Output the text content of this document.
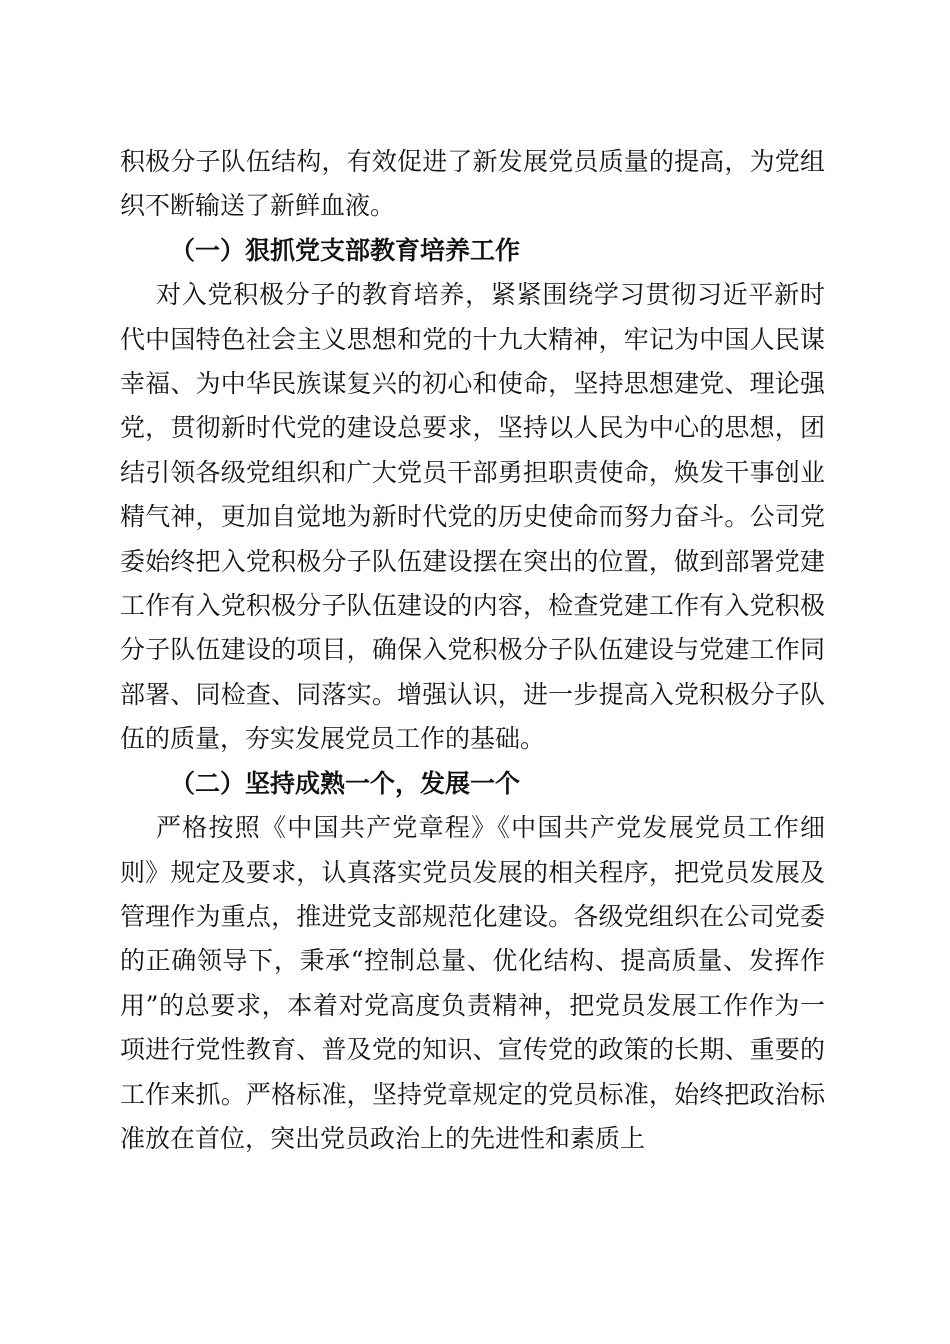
积极分子队伍结构，有效促进了新发展党员质量的提高，为党组织不断输送了新鲜血液。

（一）狠抓党支部教育培养工作

对入党积极分子的教育培养，紧紧围绕学习贯彻习近平新时代中国特色社会主义思想和党的十九大精神，牢记为中国人民谋幸福、为中华民族谋复兴的初心和使命，坚持思想建党、理论强党，贯彻新时代党的建设总要求，坚持以人民为中心的思想，团结引领各级党组织和广大党员干部勇担职责使命，焕发干事创业精气神，更加自觉地为新时代党的历史使命而努力奋斗。公司党委始终把入党积极分子队伍建设摆在突出的位置，做到部署党建工作有入党积极分子队伍建设的内容，检查党建工作有入党积极分子队伍建设的项目，确保入党积极分子队伍建设与党建工作同部署、同检查、同落实。增强认识，进一步提高入党积极分子队伍的质量，夯实发展党员工作的基础。

（二）坚持成熟一个，发展一个

严格按照《中国共产党章程》《中国共产党发展党员工作细则》规定及要求，认真落实党员发展的相关程序，把党员发展及管理作为重点，推进党支部规范化建设。各级党组织在公司党委的正确领导下，秉承“控制总量、优化结构、提高质量、发挥作用”的总要求，本着对党高度负责精神，把党员发展工作作为一项进行党性教育、普及党的知识、宣传党的政策的长期、重要的工作来抓。严格标准，坚持党章规定的党员标准，始终把政治标准放在首位，突出党员政治上的先进性和素质上
